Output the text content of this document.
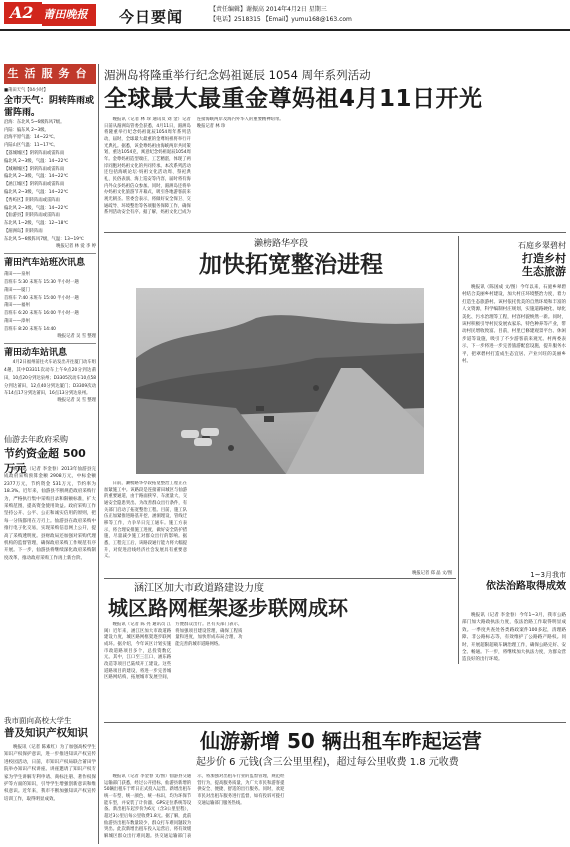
A2 莆田晚报	今日要闻	【责任编辑】谢振高 2014年4月2日 星期三
【电话】2518315 【Email】yumu168@163.com
生活服务台
■莆田天气【04小时】
全市天气：阴转阵雨或雷阵雨。
沿海：东北风 5~6级阵风7级。
内陆：偏东风 2~3级。
沿海平原气温：14~22℃。
内陆山区气温：11~17℃。
【荔城城区】阴转阵雨或雷阵雨
偏北风 2~3级，气温：14~22℃
【城厢城区】阴转阵雨或雷阵雨
偏北风 2~3级，气温：14~22℃
【涵江城区】阴转阵雨或雷阵雨
偏北风 2~3级，气温：14~22℃
【秀屿区】阴转阵雨或雷阵雨
偏北风 2~3级，气温：14~22℃
【仙游县】阴转阵雨或雷阵雨
东北风 1~2级，气温：12~18℃
【湄洲岛】阴转阵雨
东北风 5~6级阵风7级，气温：13~19℃
晚报记者 林 爱 李 婷
莆田汽车站班次讯息
莆田——泉州
首班车 5:30 末班车 15:30 半小时一趟
莆田——厦门
首班车 7:40 末班车 15:00 半小时一趟
莆田——福州
首班车 6:20 末班车 16:00 半小时一趟
莆田——漳州
首班车 8:20 末班车 14:40
晚报记者 吴 雪 整理
莆田动车站讯息
4月2日福州前往火车站发出开往厦门动车组4趟，其中D3311次动车上午9点20分到达莆田，10点20分到达泉州；D3305次动车10点58分到达莆田，12点40分到达厦门；D3309次动车14点17分到达莆田，16点13分到达泉州。
晚报记者 吴 雪 整理
仙游去年政府采购
节约资金超 500 万元
晚报讯（记者 李金春）2013年仙游县完成政府采购预算金额 2908万元，中标金额 2377万元，节约资金 531万元，节约率为 18.3%。近年来，仙游县不断规范政府采购行为，严格执行集中采购目录和限额标准，扩大采购范围，提高资金使用效益。政府采购工作坚持公开、公平、公正和诚实信用的原则，把每一分钱都用在刀刃上。仙游县在政府采购中推行电子化交易，实现采购信息网上公开，提高了采购透明度。县财政局还加强对采购代理机构的监督管理，确保政府采购工作规范有序开展。下一步，仙游县将继续深化政府采购制度改革，推动政府采购工作再上新台阶。
我市面向高校大学生
普及知识产权知识
晚报讯（记者 陈素红）为了加强高校学生知识产权保护意识，进一步推进知识产权宣传进校园活动，日前，市知识产权局联合莆田学院举办知识产权讲座。讲座邀请了知识产权专家为学生讲解专利申请、商标注册、著作权保护等方面的知识，引导学生增强创新意识和维权意识。近年来，我市不断加强知识产权宣传培训工作，取得明显成效。
湄洲岛将隆重举行纪念妈祖诞辰 1054 周年系列活动
全球最大最重金尊妈祖4月11日开光
晚报讯（记者 林 珍 通讯员 刘 金）记者日前从湄洲岛管委会获悉，4月11日，湄洲岛将隆重举行纪念妈祖诞辰1054周年系列活动，届时，全球最大最重的金尊妈祖将举行开光典礼。据悉，该金尊妈祖由海峡两岸共同策划，重达1054克，寓意纪念妈祖诞辰1054周年。金尊妈祖造型端庄，工艺精湛，体现了两岸同胞对妈祖文化的共同传承。本次系列活动还包括海峡论坛·妈祖文化活动周、祭祀典礼、民俗表演、海上巡安等内容，届时将有海内外众多妈祖信众参加。同时，湄洲岛还将举办妈祖文化旅游节开幕式，吸引各地游客前来观光朝圣。管委会表示，将做好安全保卫、交通疏导、环境整治等各项服务保障工作，确保系列活动安全有序。据了解，妈祖文化已成为连接海峡两岸及海内外华人的重要精神纽带。晚报记者 林 珍
濑榜路华亭段
加快拓宽整治进程
日前，濑榜路华亭段拓宽整治工程正在加紧施工中。该路段是连接莆田城区与仙游的重要通道，由于路面狭窄、车流量大，交通安全隐患突出。为改善群众出行条件，有关部门启动了拓宽整治工程。目前，施工队伍正加紧推进路基开挖、涵洞埋设、管线迁移等工作，力争早日完工通车。施工方表示，将合理安排施工进度，做好安全防护措施，尽量减少施工对群众出行的影响。据悉，工程完工后，该路段通行能力将大幅提升，对促进沿线经济社会发展具有重要意义。
晚报记者 郑 晶 文/图
石庭乡翠碧村
打造乡村
生态旅游
晚报讯（陈国成 文/图）今年以来，石庭乡翠碧村结合美丽乡村建设，加大村庄环境整治力度，着力打造生态旅游村。该村依托优美的自然环境和丰富的人文资源，科学编制村庄规划，实施道路硬化、绿化美化、污水治理等工程，村容村貌焕然一新。同时，该村积极引导村民发展农家乐、特色种养等产业，带动村民增收致富。目前，村里已修建观景平台、休闲步道等设施，吸引了不少游客前来观光。村两委表示，下一步将进一步完善旅游配套设施，提升服务水平，把翠碧村打造成生态宜居、产业兴旺的美丽乡村。
1~3月我市
依法治路取得成效
晚报讯（记者 李金春）今年1~3月，我市公路部门加大路政执法力度，依法治路工作取得明显成效。一季度共查处各类路政案件100多起，清理路障、非公路标志等，有效维护了公路路产路权。同时，开展超限超载车辆治理工作，确保公路完好、安全、畅通。下一步，将继续加大执法力度，为群众营造良好的出行环境。
涵江区加大市政道路建设力度
城区路网框架逐步联网成环
晚报讯（记者 陈 亮 通讯员 江 闽）近年来，涵江区加大市政道路建设力度，城区路网框架逐步联网成环。据介绍，今年该区计划实施市政道路项目多个，总投资数亿元。其中，江口至三江口、涵东路改造等项目已陆续开工建设。这些道路项目的建设，将进一步完善城区路网结构，拓展城市发展空间，方便群众出行。区有关部门表示，将加强项目建设管理，确保工程质量和进度，加快形成布局合理、功能完善的城市道路网络。
仙游新增 50 辆出租车昨起运营
起步价 6 元钱(含三公里里程)，超过每公里收费 1.8 元收费
晚报讯（记者 李金春 文/图）仙游县交通运输部门获悉，经过公开招标，仙游县新增的50辆出租车于昨日正式投入运营。新增出租车统一车型、统一颜色、统一标识，均为环保节能车型，并安装了计价器、GPS定位系统等设备。新出租车起步价为6元（含3公里里程），超过3公里后每公里收费1.8元。据了解，此前仙游县出租车数量较少，群众打车难问题较为突出。此次新增出租车投入运营后，将有效缓解城区群众出行难问题。县交通运输部门表示，将加强对出租车行业的监督管理，规范经营行为，提高服务质量，为广大市民和游客提供安全、便捷、舒适的出行服务。同时，欢迎市民对出租车服务进行监督，如有投诉可拨打交通运输部门服务热线。
